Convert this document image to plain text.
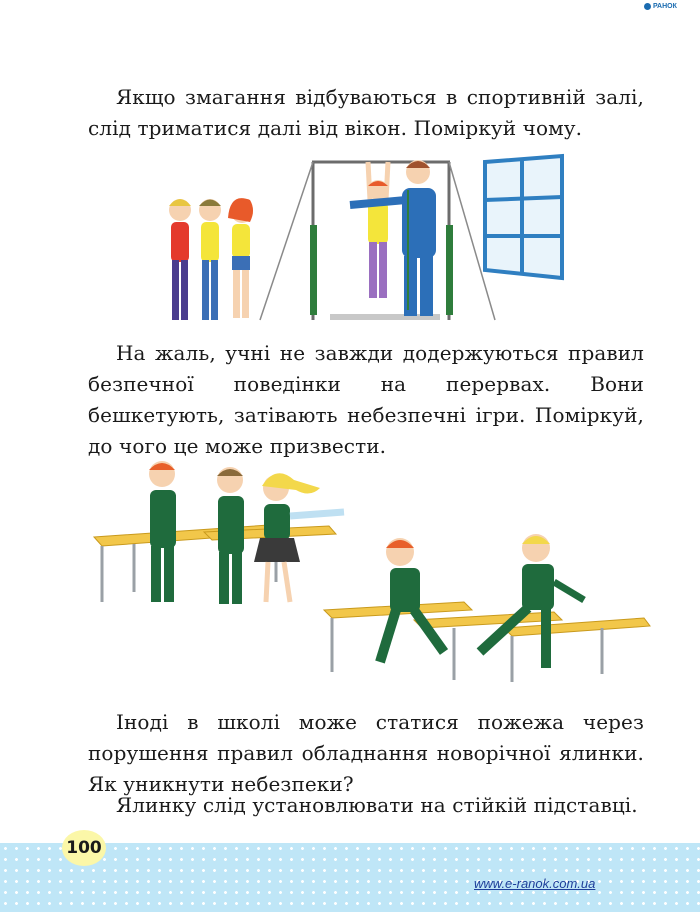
РАНОК

Якщо змагання відбуваються в спортивній залі, слід триматися далі від вікон. Поміркуй чому.

На жаль, учні не завжди додержуються правил безпечної поведінки на перервах. Вони бешкетують, затівають небезпечні ігри. Поміркуй, до чого це може призвести.

Іноді в школі може статися пожежа через порушення правил обладнання новорічної ялинки. Як уникнути небезпеки?

Ялинку слід установлювати на стійкій підставці.

100
www.e-ranok.com.ua
